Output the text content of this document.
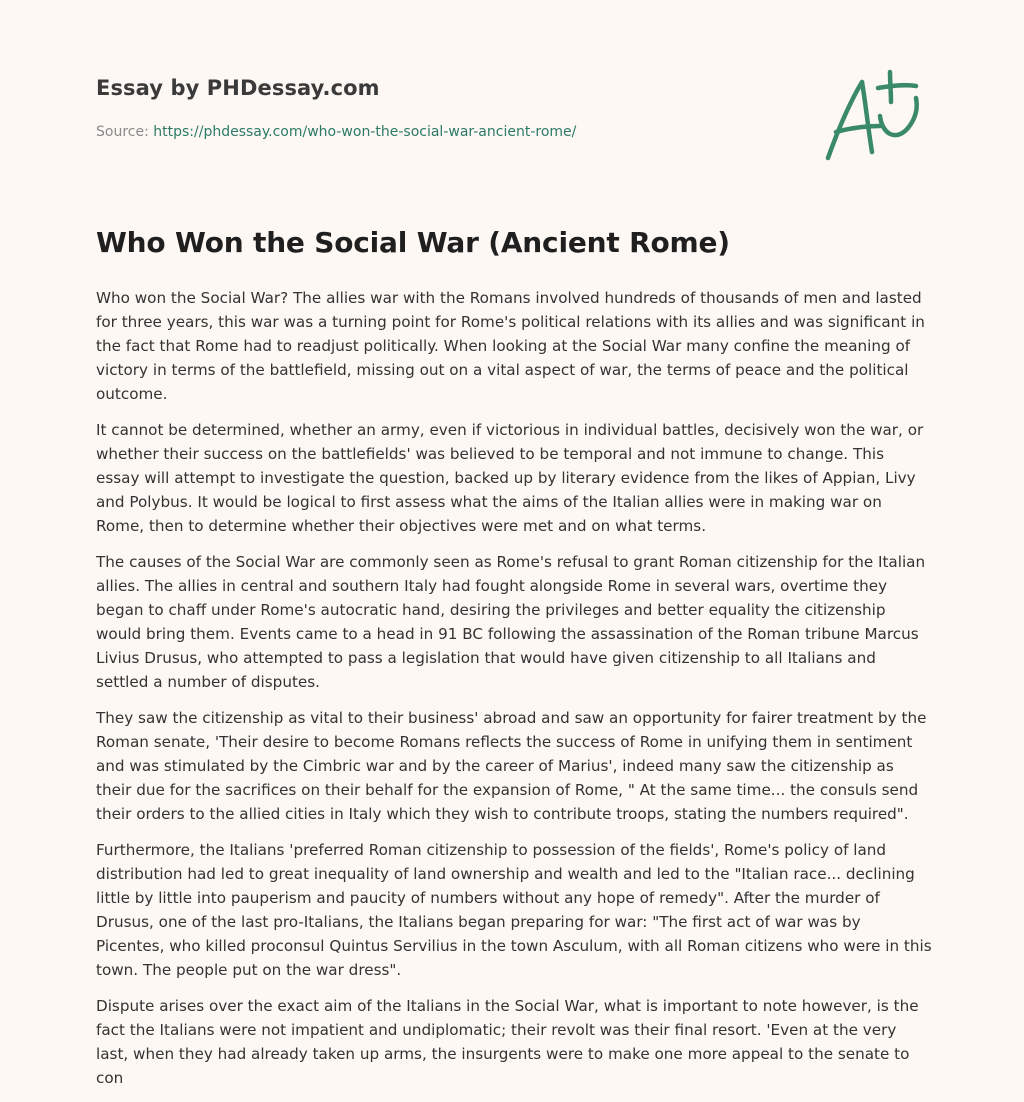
Essay by PHDessay.com
Source: https://phdessay.com/who-won-the-social-war-ancient-rome/
Who Won the Social War (Ancient Rome)

Who won the Social War? The allies war with the Romans involved hundreds of thousands of men and lasted for three years, this war was a turning point for Rome's political relations with its allies and was significant in the fact that Rome had to readjust politically. When looking at the Social War many confine the meaning of victory in terms of the battlefield, missing out on a vital aspect of war, the terms of peace and the political outcome.

It cannot be determined, whether an army, even if victorious in individual battles, decisively won the war, or whether their success on the battlefields' was believed to be temporal and not immune to change. This essay will attempt to investigate the question, backed up by literary evidence from the likes of Appian, Livy and Polybus. It would be logical to first assess what the aims of the Italian allies were in making war on Rome, then to determine whether their objectives were met and on what terms.

The causes of the Social War are commonly seen as Rome's refusal to grant Roman citizenship for the Italian allies. The allies in central and southern Italy had fought alongside Rome in several wars, overtime they began to chaff under Rome's autocratic hand, desiring the privileges and better equality the citizenship would bring them. Events came to a head in 91 BC following the assassination of the Roman tribune Marcus Livius Drusus, who attempted to pass a legislation that would have given citizenship to all Italians and settled a number of disputes.

They saw the citizenship as vital to their business' abroad and saw an opportunity for fairer treatment by the Roman senate, 'Their desire to become Romans reflects the success of Rome in unifying them in sentiment and was stimulated by the Cimbric war and by the career of Marius', indeed many saw the citizenship as their due for the sacrifices on their behalf for the expansion of Rome, " At the same time... the consuls send their orders to the allied cities in Italy which they wish to contribute troops, stating the numbers required".

Furthermore, the Italians 'preferred Roman citizenship to possession of the fields', Rome's policy of land distribution had led to great inequality of land ownership and wealth and led to the "Italian race... declining little by little into pauperism and paucity of numbers without any hope of remedy". After the murder of Drusus, one of the last pro-Italians, the Italians began preparing for war: "The first act of war was by Picentes, who killed proconsul Quintus Servilius in the town Asculum, with all Roman citizens who were in this town. The people put on the war dress".

Dispute arises over the exact aim of the Italians in the Social War, what is important to note however, is the fact the Italians were not impatient and undiplomatic; their revolt was their final resort. 'Even at the very last, when they had already taken up arms, the insurgents were to make one more appeal to the senate to con
